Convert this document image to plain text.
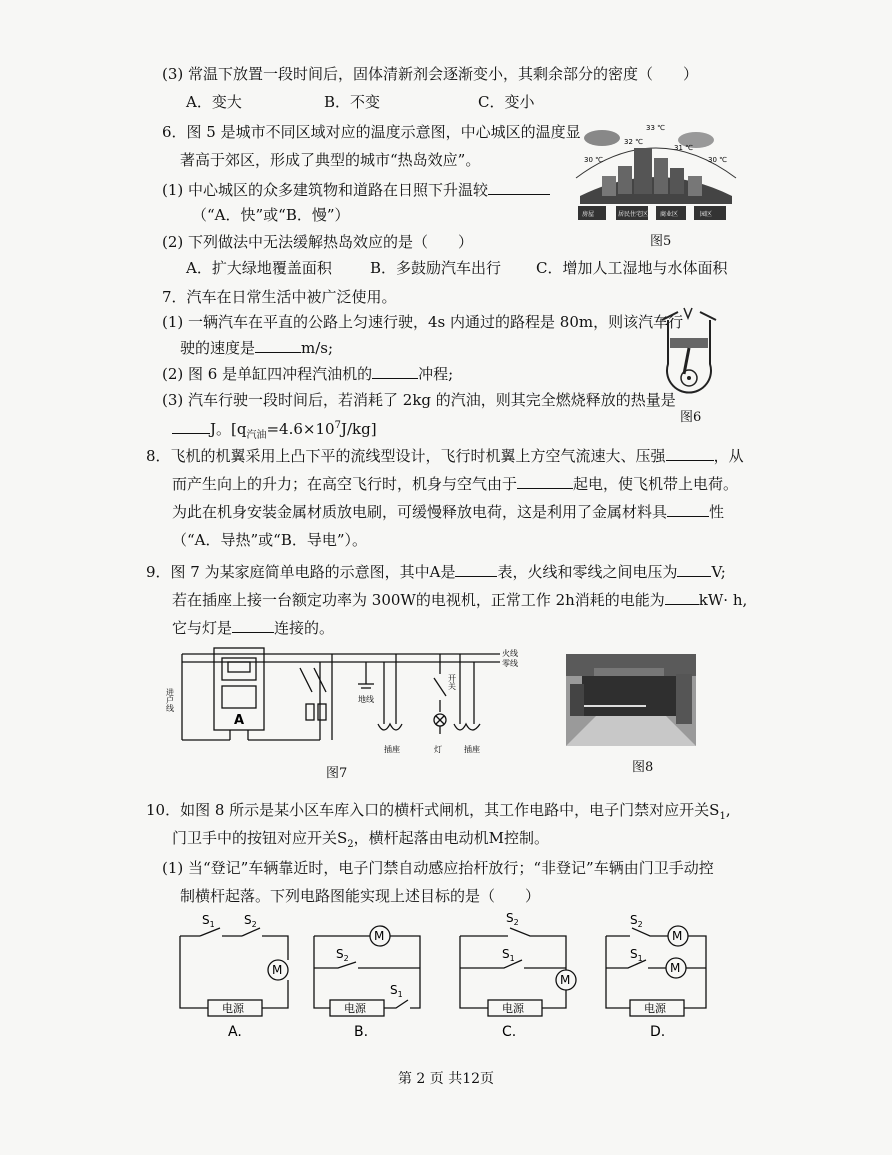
(3) 常温下放置一段时间后，固体清新剂会逐渐变小，其剩余部分的密度（　　）
A．变大	B．不变	C．变小
6．图 5 是城市不同区域对应的温度示意图，中心城区的温度显
著高于郊区，形成了典型的城市“热岛效应”。
(1) 中心城区的众多建筑物和道路在日照下升温较
（“A．快”或“B．慢”）
(2) 下列做法中无法缓解热岛效应的是（　　）
A．扩大绿地覆盖面积	B．多鼓励汽车出行 C．增加人工湿地与水体面积
30 ℃
32 ℃
33 ℃
31 ℃
30 ℃
房屋	居民住宅区 商业区	园区
图5
7．汽车在日常生活中被广泛使用。
(1) 一辆汽车在平直的公路上匀速行驶，4s 内通过的路程是 80m，则该汽车行
驶的速度是	m/s;
(2) 图 6 是单缸四冲程汽油机的	冲程;
(3) 汽车行驶一段时间后，若消耗了 2kg 的汽油，则其完全燃烧释放的热量是
J。$[q_{汽油}=4.6\times 10^7J/kg]$
图6
8．飞机的机翼采用上凸下平的流线型设计，飞行时机翼上方空气流速大、压强	，从
而产生向上的升力；在高空飞行时，机身与空气由于	起电，使飞机带上电荷。
为此在机身安装金属材质放电刷，可缓慢释放电荷，这是利用了金属材料具	性
（“A．导热”或“B．导电”）。
9．图 7 为某家庭简单电路的示意图，其中A是	表，火线和零线之间电压为 V;
若在插座上接一台额定功率为 300W的电视机，正常工作 2h消耗的电能为 kW· h,
它与灯是	连接的。
火线
零线
进户线	地线
开关
插座	灯	插座
A
图7	图8
10．如图 8 所示是某小区车库入口的横杆式闸机，其工作电路中，电子门禁对应开关$S_1$,
门卫手中的按钮对应开关$S_2$，横杆起落由电动机M控制。
(1) 当“登记”车辆靠近时，电子门禁自动感应抬杆放行；“非登记”车辆由门卫手动控
制横杆起落。下列电路图能实现上述目标的是（　　）
M
M
M
M
M
电源	电源	电源	电源
$S_1$ $S_2$
$S_2$
$S_1$
$S_2$
$S_1$
$S_2$
$S_1$
A.	B.	C.	D.
第 2 页 共12页
